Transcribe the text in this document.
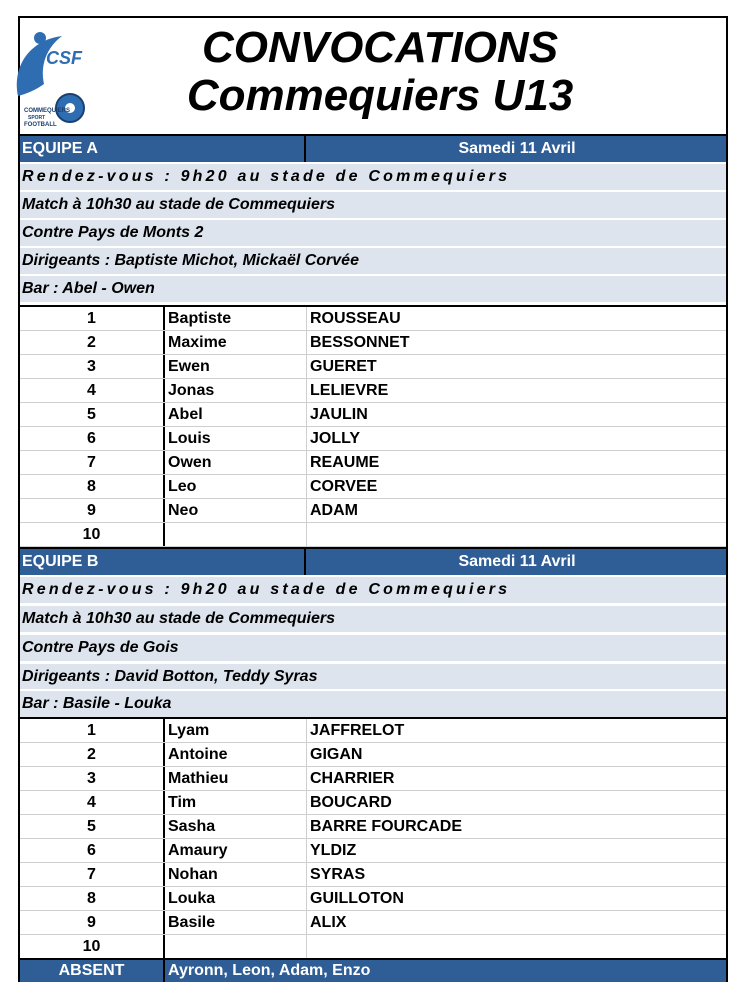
CSF
COMMEQUIERS
SPORT
FOOTBALL
CONVOCATIONS
Commequiers U13
EQUIPE A	Samedi 11 Avril
Rendez-vous : 9h20 au stade de Commequiers
Match à 10h30 au stade de Commequiers
Contre Pays de Monts 2
Dirigeants : Baptiste Michot, Mickaël Corvée
Bar : Abel - Owen
1	Baptiste	ROUSSEAU
2	Maxime	BESSONNET
3	Ewen	GUERET
4	Jonas	LELIEVRE
5	Abel	JAULIN
6	Louis	JOLLY
7	Owen	REAUME
8	Leo	CORVEE
9	Neo	ADAM
10
EQUIPE B	Samedi 11 Avril
Rendez-vous : 9h20 au stade de Commequiers
Match à 10h30 au stade de Commequiers
Contre Pays de Gois
Dirigeants : David Botton, Teddy Syras
Bar : Basile - Louka
1	Lyam	JAFFRELOT
2	Antoine	GIGAN
3	Mathieu	CHARRIER
4	Tim	BOUCARD
5	Sasha	BARRE FOURCADE
6	Amaury	YLDIZ
7	Nohan	SYRAS
8	Louka	GUILLOTON
9	Basile	ALIX
10
ABSENT	Ayronn, Leon, Adam, Enzo
